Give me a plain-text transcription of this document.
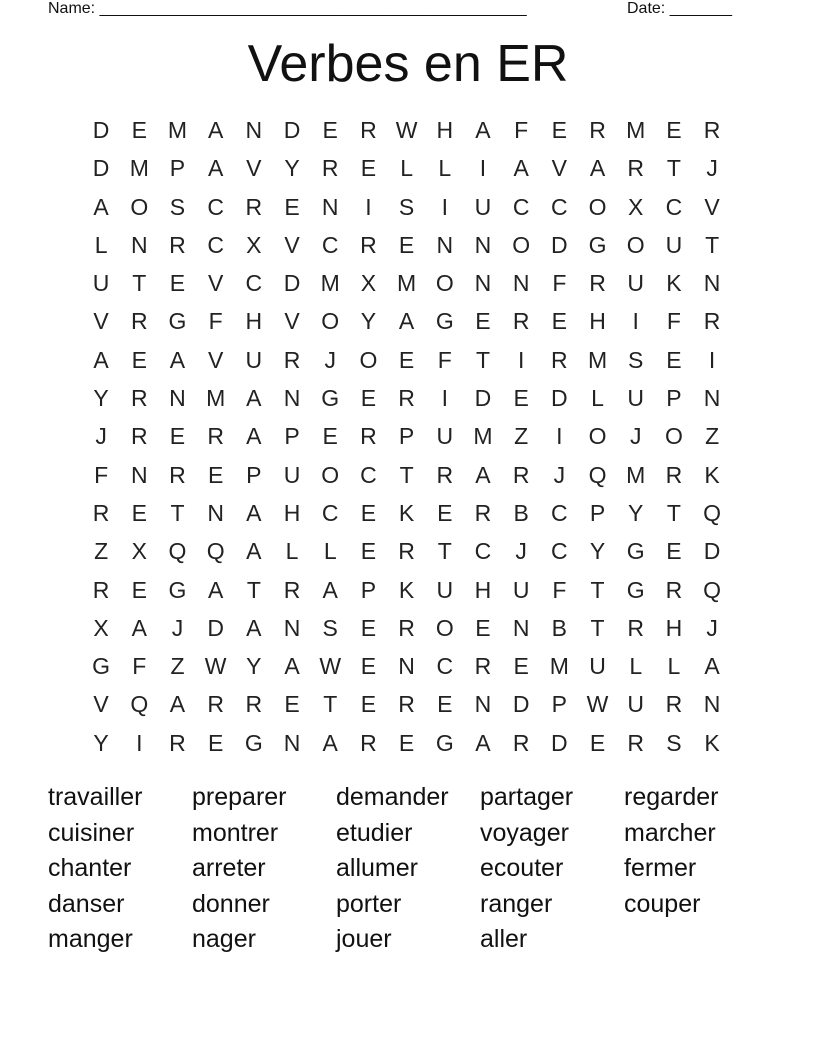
Name: ________________________________________________	Date: _______
Verbes en ER
D E M A N D E R W H A	F	E R M E R
D M P A V Y R E	L	L	I	A V A R T	J
A O S C R E N	I	S	I	U C C O X C V
L	N R C X V C R E N N O D G O U T
U T	E V C D M X M O N N F R U K N
V R G F H V O Y A G E R E H	I	F R
A E A V U R	J	O E	F	T	I	R M S E	I
Y R N M A N G E R	I	D E D	L	U P N
J	R E R A P E R P U M Z	I	O	J	O Z
F N R E P U O C T R A R	J	Q M R K
R E	T N A H C E K E R B C P Y	T Q
Z	X Q Q A	L	L	E R T C	J	C Y G E D
R E G A	T R A P K U H U F	T G R Q
X A	J	D A N S E R O E N B	T R H	J
G F	Z W Y A W E N C R E M U	L	L	A
V Q A R R E	T	E R E N D P W U R N
Y	I	R E G N A R E G A R D E R S K
travailler	preparer	demander	partager	regarder
cuisiner	montrer	etudier	voyager	marcher
chanter	arreter	allumer	ecouter	fermer
danser	donner	porter	ranger	couper
manger	nager	jouer	aller
